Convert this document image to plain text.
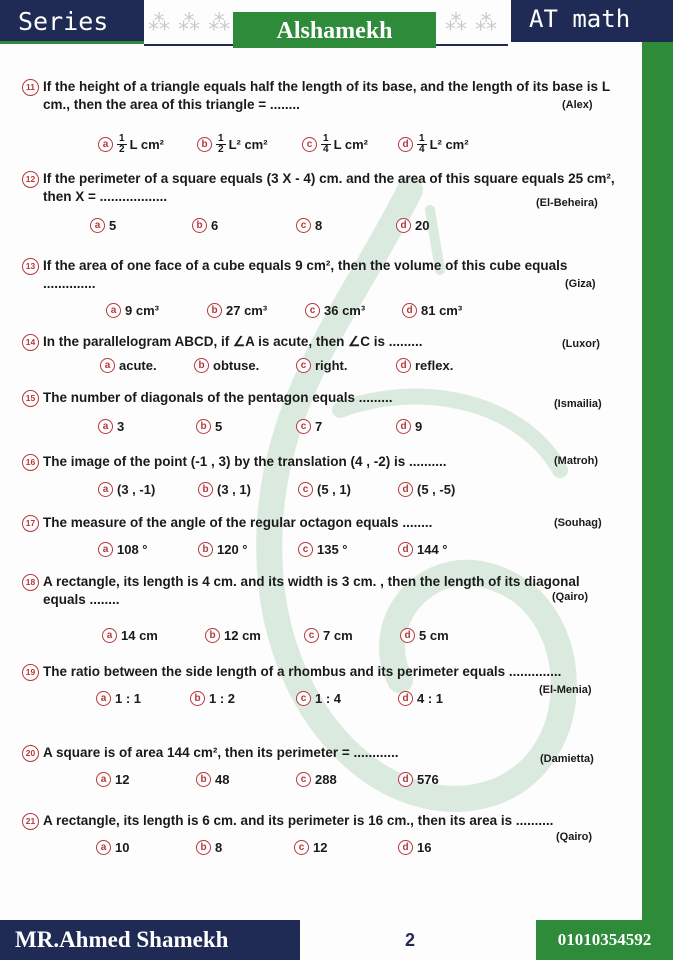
Series	⁂ ⁂ ⁂	Alshamekh	⁂ ⁂	AT math
11 If the height of a triangle equals half the length of its base, and the length of its base is L cm., then the area of this triangle = ........	(Alex)
a $\frac{1}{2}$ L cm²	b $\frac{1}{2} L^2$ cm²	c $\frac{1}{4}$ L cm²	d $\frac{1}{4} L^2$ cm²
12 If the perimeter of a square equals (3 X - 4) cm. and the area of this square equals 25 cm², then X = ..................	(El-Beheira)
a 5	b 6	c 8	d 20
13 If the area of one face of a cube equals 9 cm², then the volume of this cube equals ..............	(Giza)
a 9 cm³	b 27 cm³	c 36 cm³	d 81 cm³
14 In the parallelogram ABCD, if ∠A is acute, then ∠C is .........	(Luxor)
a acute.	b obtuse.	c right.	d reflex.
15 The number of diagonals of the pentagon equals .........	(Ismailia)
a 3	b 5	c 7	d 9
16 The image of the point (-1 , 3) by the translation (4 , -2) is ..........	(Matroh)
a (3 , -1)	b (3 , 1)	c (5 , 1)	d (5 , -5)
17 The measure of the angle of the regular octagon equals ........	(Souhag)
a 108 °	b 120 °	c 135 °	d 144 °
18 A rectangle, its length is 4 cm. and its width is 3 cm. , then the length of its diagonal equals ........	(Qairo)
a 14 cm	b 12 cm	c 7 cm	d 5 cm
19 The ratio between the side length of a rhombus and its perimeter equals ..............
(El-Menia)
a 1 : 1	b 1 : 2	c 1 : 4	d 4 : 1
20 A square is of area 144 cm², then its perimeter = ............	(Damietta)
a 12	b 48	c 288	d 576
21 A rectangle, its length is 6 cm. and its perimeter is 16 cm., then its area is ..........
(Qairo)
a 10	b 8	c 12	d 16
MR.Ahmed Shamekh	2	01010354592
